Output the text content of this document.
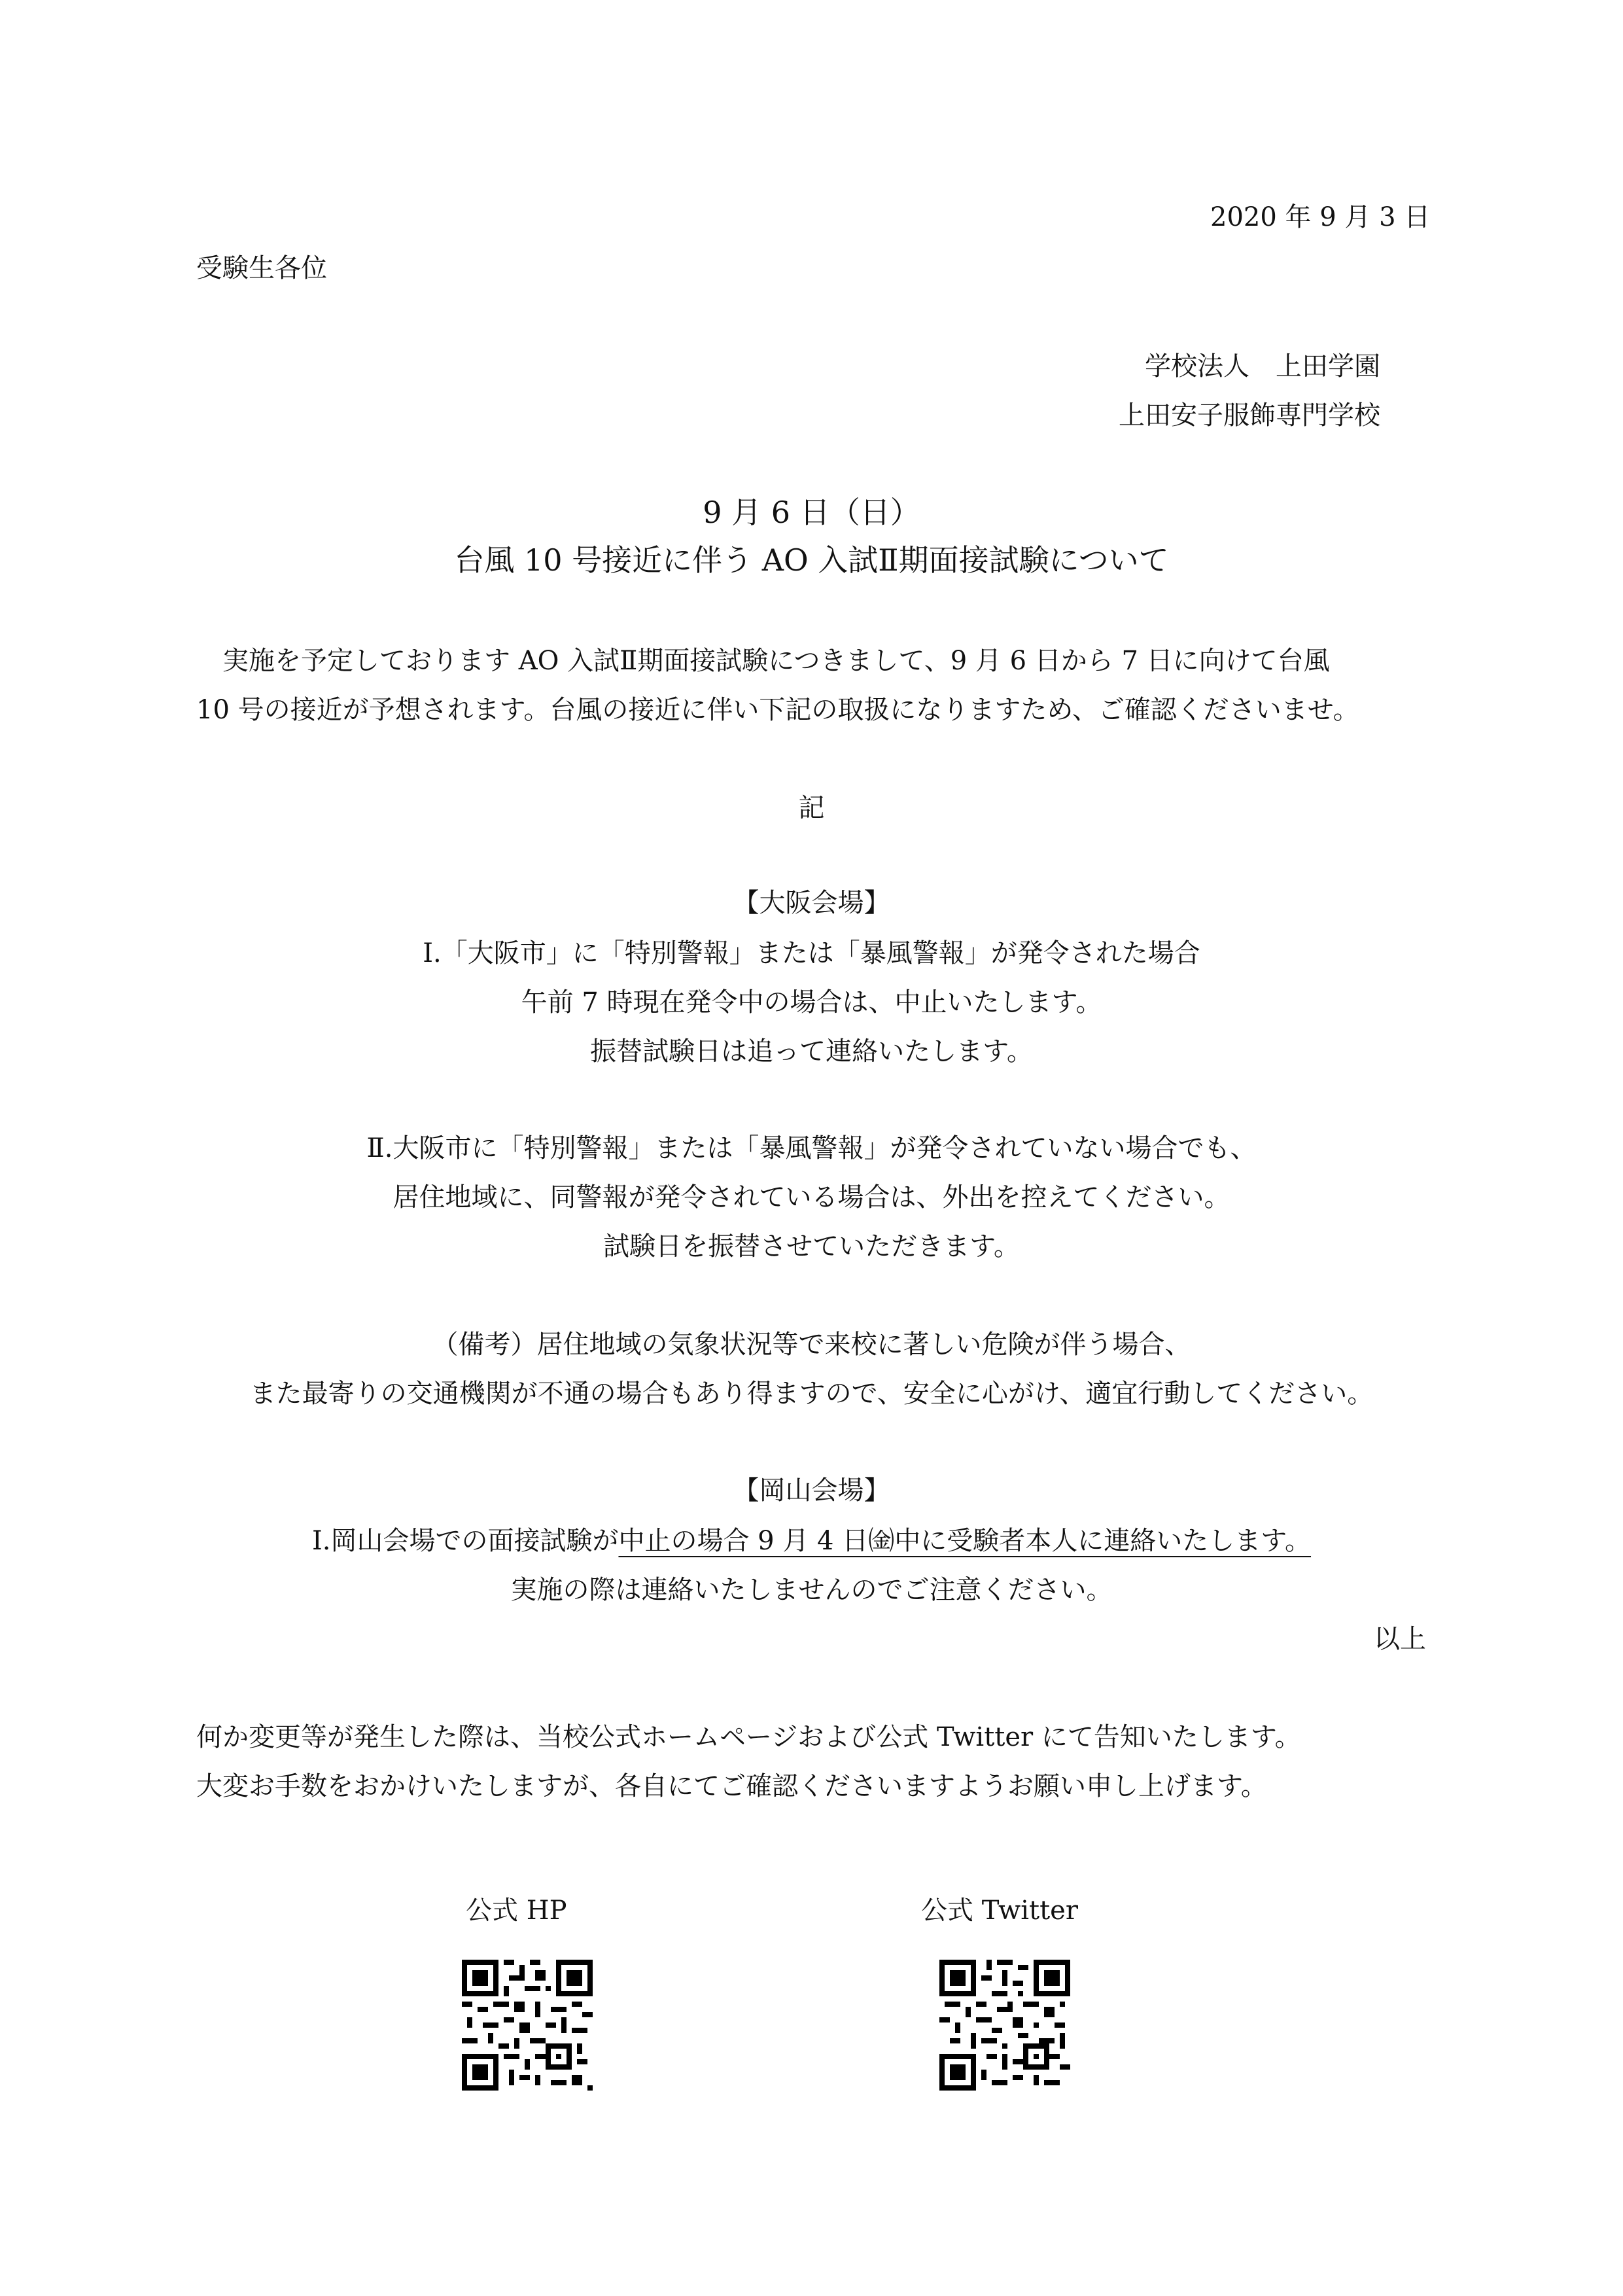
2020 年 9 月 3 日
受験生各位
学校法人　上田学園
上田安子服飾専門学校
9 月 6 日（日）
台風 10 号接近に伴う AO 入試Ⅱ期面接試験について
実施を予定しております AO 入試Ⅱ期面接試験につきまして、9 月 6 日から 7 日に向けて台風
10 号の接近が予想されます。台風の接近に伴い下記の取扱になりますため、ご確認くださいませ。
記
【大阪会場】
Ⅰ.「大阪市」に「特別警報」または「暴風警報」が発令された場合
午前 7 時現在発令中の場合は、中止いたします。
振替試験日は追って連絡いたします。
Ⅱ.大阪市に「特別警報」または「暴風警報」が発令されていない場合でも、
居住地域に、同警報が発令されている場合は、外出を控えてください。
試験日を振替させていただきます。
（備考）居住地域の気象状況等で来校に著しい危険が伴う場合、
また最寄りの交通機関が不通の場合もあり得ますので、安全に心がけ、適宜行動してください。
【岡山会場】
Ⅰ.岡山会場での面接試験が中止の場合 9 月 4 日㈮中に受験者本人に連絡いたします。
実施の際は連絡いたしませんのでご注意ください。
以上
何か変更等が発生した際は、当校公式ホームページおよび公式 Twitter にて告知いたします。
大変お手数をおかけいたしますが、各自にてご確認くださいますようお願い申し上げます。
公式 HP	公式 Twitter
